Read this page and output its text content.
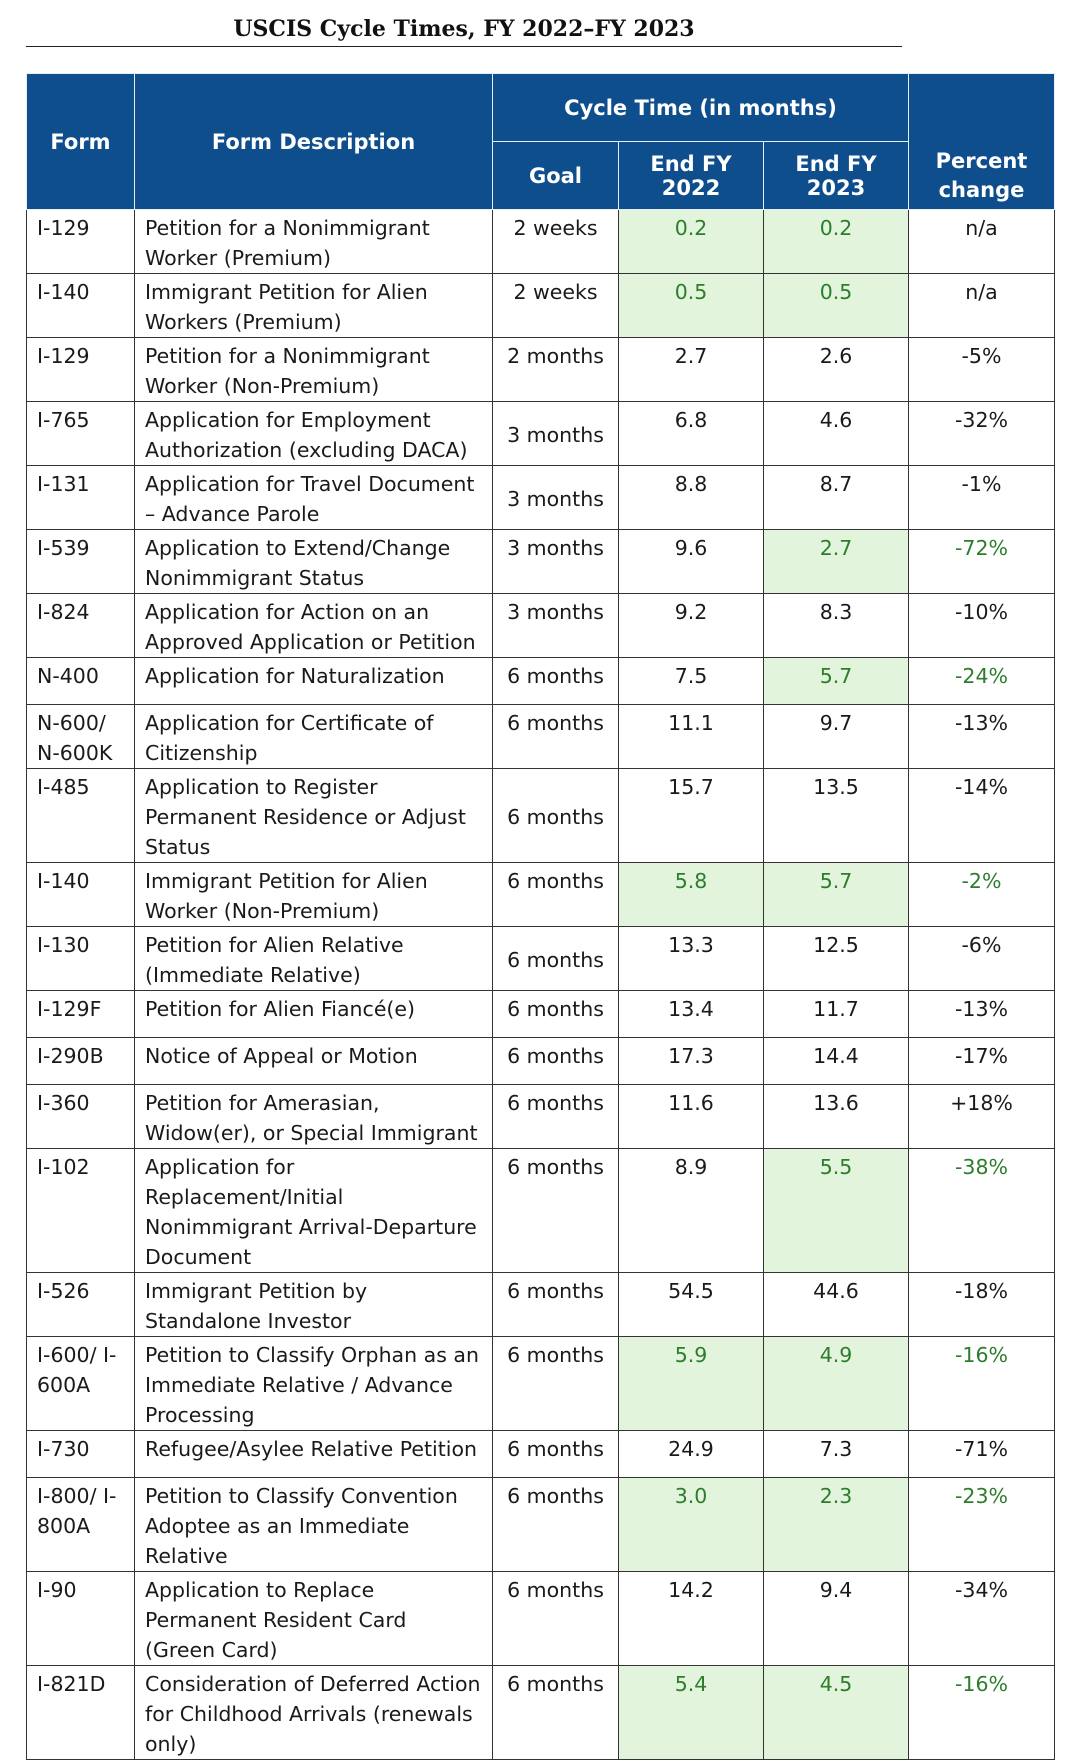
USCIS Cycle Times, FY 2022–FY 2023
Form	Form Description	Cycle Time (in months)			Percent
change
		Goal	End FY 2022	End FY 2023	
I-129	Petition for a Nonimmigrant Worker (Premium)	2 weeks	0.2	0.2	n/a
I-140	Immigrant Petition for Alien Workers (Premium)	2 weeks	0.5	0.5	n/a
I-129	Petition for a Nonimmigrant Worker (Non-Premium)	2 months	2.7	2.6	-5%
I-765	Application for Employment Authorization (excluding DACA)	3 months	6.8	4.6	-32%
I-131	Application for Travel Document – Advance Parole	3 months	8.8	8.7	-1%
I-539	Application to Extend/Change Nonimmigrant Status	3 months	9.6	2.7	-72%
I-824	Application for Action on an Approved Application or Petition	3 months	9.2	8.3	-10%
N-400	Application for Naturalization	6 months	7.5	5.7	-24%
N-600/ N-600K	Application for Certificate of Citizenship	6 months	11.1	9.7	-13%
I-485	Application to Register Permanent Residence or Adjust Status	6 months	15.7	13.5	-14%
I-140	Immigrant Petition for Alien Worker (Non-Premium)	6 months	5.8	5.7	-2%
I-130	Petition for Alien Relative (Immediate Relative)	6 months	13.3	12.5	-6%
I-129F	Petition for Alien Fiancé(e)	6 months	13.4	11.7	-13%
I-290B	Notice of Appeal or Motion	6 months	17.3	14.4	-17%
I-360	Petition for Amerasian, Widow(er), or Special Immigrant	6 months	11.6	13.6	+18%
I-102	Application for Replacement/Initial Nonimmigrant Arrival-Departure Document	6 months	8.9	5.5	-38%
I-526	Immigrant Petition by Standalone Investor	6 months	54.5	44.6	-18%
I-600/ I-600A	Petition to Classify Orphan as an Immediate Relative / Advance Processing	6 months	5.9	4.9	-16%
I-730	Refugee/Asylee Relative Petition	6 months	24.9	7.3	-71%
I-800/ I-800A	Petition to Classify Convention Adoptee as an Immediate Relative	6 months	3.0	2.3	-23%
I-90	Application to Replace Permanent Resident Card (Green Card)	6 months	14.2	9.4	-34%
I-821D	Consideration of Deferred Action for Childhood Arrivals (renewals only)	6 months	5.4	4.5	-16%
